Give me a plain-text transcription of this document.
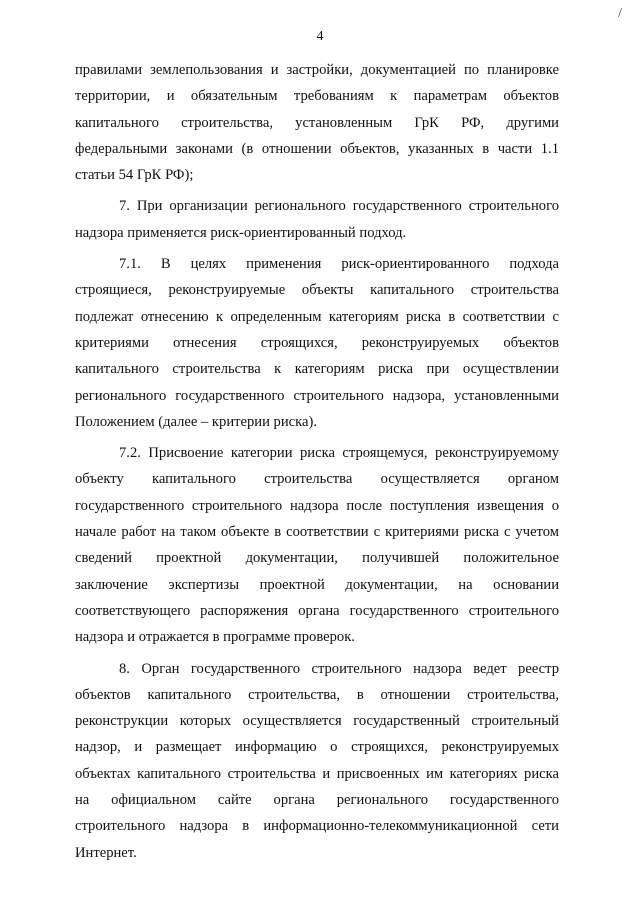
/
4
правилами землепользования и застройки, документацией по планировке
территории, и обязательным требованиям к параметрам объектов
капитального строительства, установленным ГрК РФ, другими
федеральными законами (в отношении объектов, указанных в части 1.1
статьи 54 ГрК РФ);
7. При организации регионального государственного строительного
надзора применяется риск-ориентированный подход.
7.1. В целях применения риск-ориентированного подхода
строящиеся, реконструируемые объекты капитального строительства
подлежат отнесению к определенным категориям риска в соответствии с
критериями отнесения строящихся, реконструируемых объектов
капитального строительства к категориям риска при осуществлении
регионального государственного строительного надзора, установленными
Положением (далее – критерии риска).
7.2. Присвоение категории риска строящемуся, реконструируемому
объекту капитального строительства осуществляется органом
государственного строительного надзора после поступления извещения о
начале работ на таком объекте в соответствии с критериями риска с учетом
сведений проектной документации, получившей положительное
заключение экспертизы проектной документации, на основании
соответствующего распоряжения органа государственного строительного
надзора и отражается в программе проверок.
8. Орган государственного строительного надзора ведет реестр
объектов капитального строительства, в отношении строительства,
реконструкции которых осуществляется государственный строительный
надзор, и размещает информацию о строящихся, реконструируемых
объектах капитального строительства и присвоенных им категориях риска
на официальном сайте органа регионального государственного
строительного надзора в информационно-телекоммуникационной сети
Интернет.
